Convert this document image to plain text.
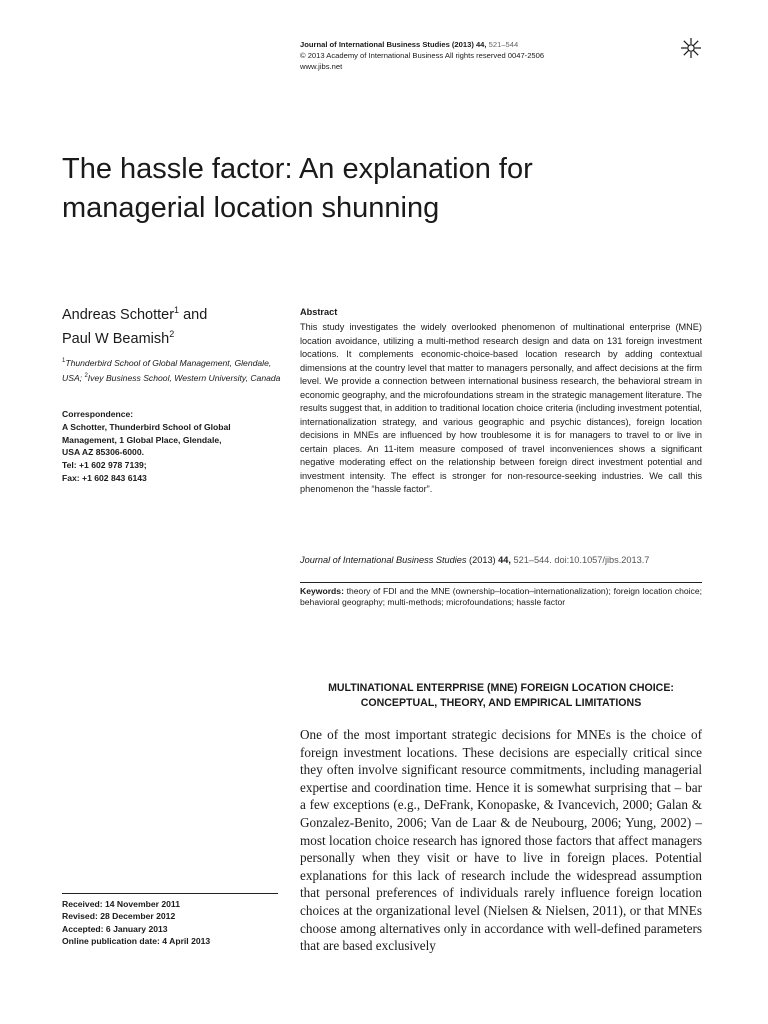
Journal of International Business Studies (2013) 44, 521–544
© 2013 Academy of International Business All rights reserved 0047-2506
www.jibs.net
The hassle factor: An explanation for
managerial location shunning
Andreas Schotter$^1$ and
Paul W Beamish$^2$
$^1$Thunderbird School of Global Management, Glendale, USA; $^2$Ivey Business School, Western University, Canada
Correspondence:
A Schotter, Thunderbird School of Global
Management, 1 Global Place, Glendale,
USA AZ 85306-6000.
Tel: +1 602 978 7139;
Fax: +1 602 843 6143
Abstract
This study investigates the widely overlooked phenomenon of multinational enterprise (MNE) location avoidance, utilizing a multi-method research design and data on 131 foreign investment locations. It complements economic-choice-based location research by adding contextual dimensions at the country level that matter to managers personally, and affect decisions at the firm level. We provide a connection between international business research, the behavioral stream in economic geography, and the microfoundations stream in the strategic management literature. The results suggest that, in addition to traditional location choice criteria (including investment potential, internationalization strategy, and various geographic and psychic distances), foreign location decisions in MNEs are influenced by how troublesome it is for managers to travel to or live in certain places. An 11-item measure composed of travel inconveniences shows a significant negative moderating effect on the relationship between foreign direct investment potential and investment intensity. The effect is stronger for non-resource-seeking industries. We call this phenomenon the “hassle factor”.
Journal of International Business Studies (2013) 44, 521–544. doi:10.1057/jibs.2013.7
Keywords: theory of FDI and the MNE (ownership–location–internationalization); foreign location choice; behavioral geography; multi-methods; microfoundations; hassle factor
MULTINATIONAL ENTERPRISE (MNE) FOREIGN LOCATION CHOICE: CONCEPTUAL, THEORY, AND EMPIRICAL LIMITATIONS

One of the most important strategic decisions for MNEs is the choice of foreign investment locations. These decisions are especially critical since they often involve significant resource commitments, including managerial expertise and coordination time. Hence it is somewhat surprising that – bar a few exceptions (e.g., DeFrank, Konopaske, & Ivancevich, 2000; Galan & Gonzalez-Benito, 2006; Van de Laar & de Neubourg, 2006; Yung, 2002) – most location choice research has ignored those factors that affect managers personally when they visit or have to live in foreign places. Potential explanations for this lack of research include the widespread assumption that personal preferences of individuals rarely influence foreign location choices at the organizational level (Nielsen & Nielsen, 2011), or that MNEs choose among alternatives only in accordance with well-defined parameters that are based exclusively

Received: 14 November 2011
Revised: 28 December 2012
Accepted: 6 January 2013
Online publication date: 4 April 2013
